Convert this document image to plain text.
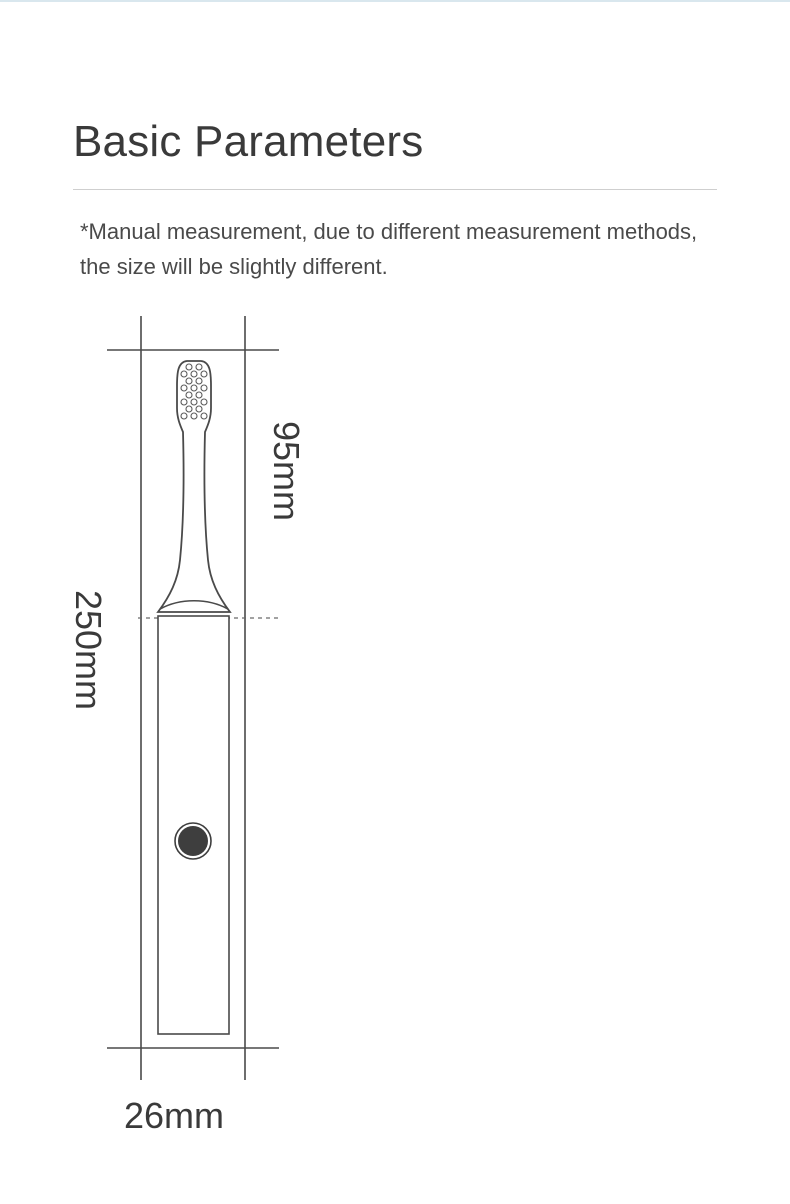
Basic Parameters

*Manual measurement, due to different measurement methods, the size will be slightly different.

250mm
95mm
26mm
